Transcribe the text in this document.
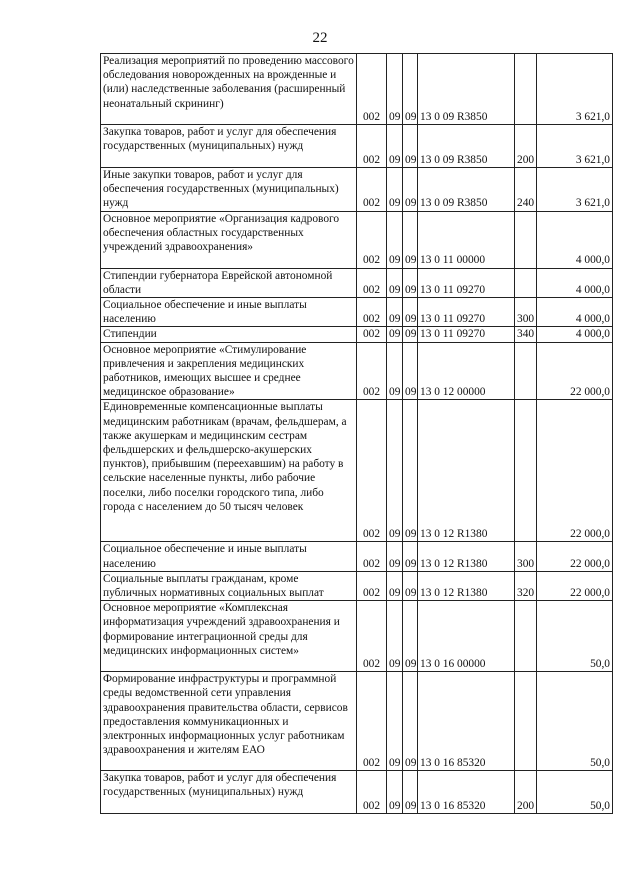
22
Реализация мероприятий по проведению массового обследования новорожденных на врожденные и (или) наследственные заболевания (расширенный неонатальный скрининг)	002	09	09	13 0 09 R3850		3 621,0

Закупка товаров, работ и услуг для обеспечения государственных (муниципальных) нужд	002	09	09	13 0 09 R3850	200	3 621,0

Иные закупки товаров, работ и услуг для обеспечения государственных (муниципальных) нужд	002	09	09	13 0 09 R3850	240	3 621,0

Основное мероприятие «Организация кадрового обеспечения областных государственных учреждений здравоохранения»	002	09	09	13 0 11 00000		4 000,0

Стипендии губернатора Еврейской автономной области	002	09	09	13 0 11 09270		4 000,0

Социальное обеспечение и иные выплаты населению	002	09	09	13 0 11 09270	300	4 000,0

Стипендии	002	09	09	13 0 11 09270	340	4 000,0

Основное мероприятие «Стимулирование привлечения и закрепления медицинских работников, имеющих высшее и среднее медицинское образование»	002	09	09	13 0 12 00000		22 000,0

Единовременные компенсационные выплаты медицинским работникам (врачам, фельдшерам, а также акушеркам и медицинским сестрам фельдшерских и фельдшерско-акушерских пунктов), прибывшим (переехавшим) на работу в сельские населенные пункты, либо рабочие поселки, либо поселки городского типа, либо города с населением до 50 тысяч человек	002	09	09	13 0 12 R1380		22 000,0

Социальное обеспечение и иные выплаты населению	002	09	09	13 0 12 R1380	300	22 000,0

Социальные выплаты гражданам, кроме публичных нормативных социальных выплат	002	09	09	13 0 12 R1380	320	22 000,0

Основное мероприятие «Комплексная информатизация учреждений здравоохранения и формирование интеграционной среды для медицинских информационных систем»	002	09	09	13 0 16 00000		50,0

Формирование инфраструктуры и программной среды ведомственной сети управления здравоохранения правительства области, сервисов предоставления коммуникационных и электронных информационных услуг работникам здравоохранения и жителям ЕАО	002	09	09	13 0 16 85320		50,0

Закупка товаров, работ и услуг для обеспечения государственных (муниципальных) нужд	002	09	09	13 0 16 85320	200	50,0
